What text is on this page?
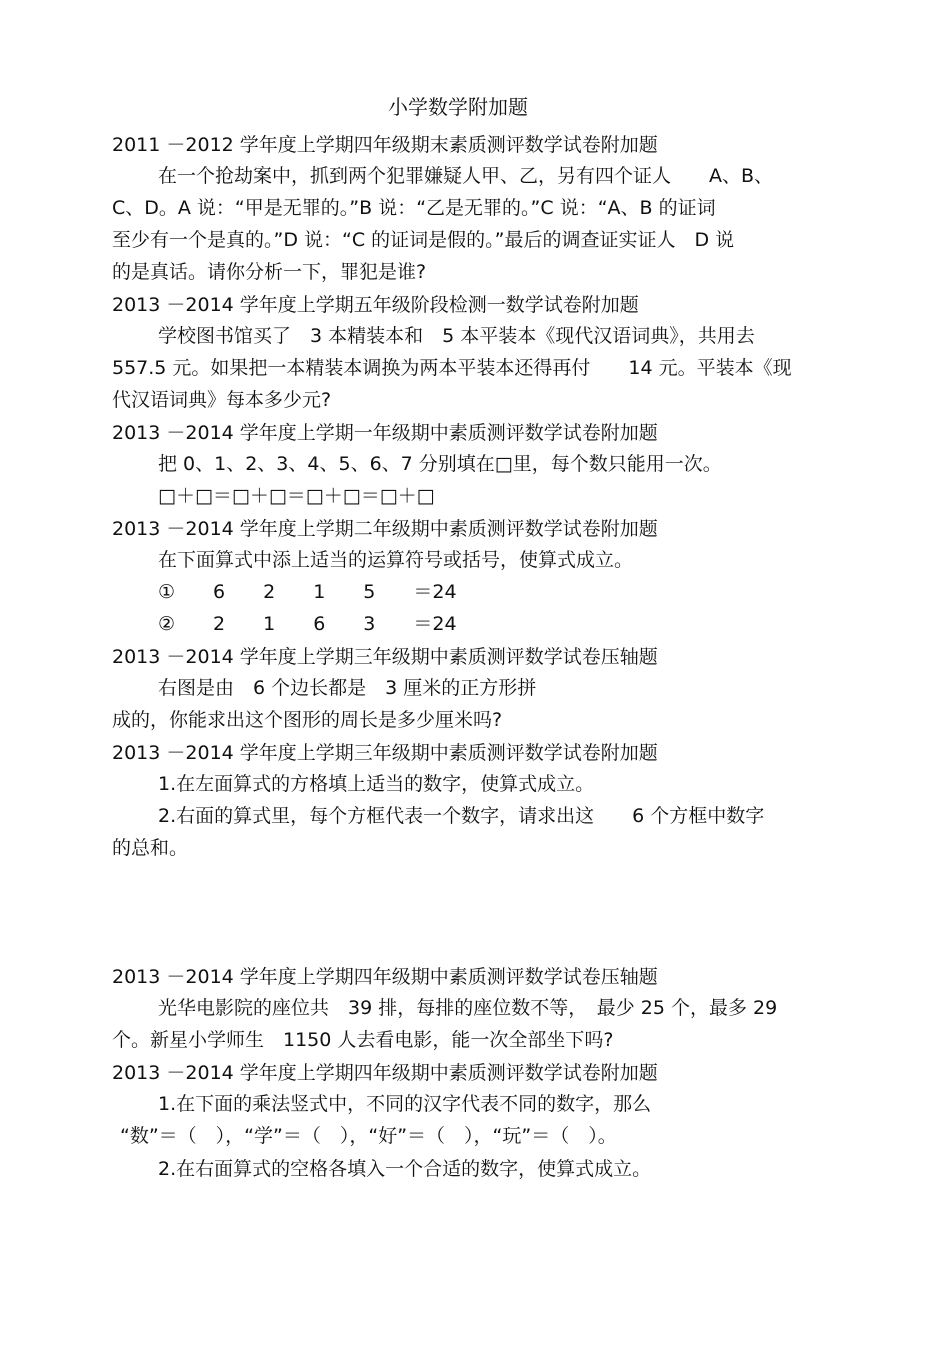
小学数学附加题
2011 －2012 学年度上学期四年级期末素质测评数学试卷附加题
在一个抢劫案中，抓到两个犯罪嫌疑人甲、乙，另有四个证人　　A、B、
C、D。A 说：“甲是无罪的。”B 说：“乙是无罪的。”C 说：“A、B 的证词
至少有一个是真的。”D 说：“C 的证词是假的。”最后的调查证实证人　D 说
的是真话。请你分析一下，罪犯是谁?
2013 －2014 学年度上学期五年级阶段检测一数学试卷附加题
学校图书馆买了　3 本精装本和　5 本平装本《现代汉语词典》，共用去
557.5 元。如果把一本精装本调换为两本平装本还得再付　　14 元。平装本《现
代汉语词典》每本多少元?
2013 －2014 学年度上学期一年级期中素质测评数学试卷附加题
把 0、1、2、3、4、5、6、7 分别填在□里，每个数只能用一次。
□＋□＝□＋□＝□＋□＝□＋□
2013 －2014 学年度上学期二年级期中素质测评数学试卷附加题
在下面算式中添上适当的运算符号或括号，使算式成立。
①　　6　　2　　1　　5　　＝24
②　　2　　1　　6　　3　　＝24
2013 －2014 学年度上学期三年级期中素质测评数学试卷压轴题
右图是由　6 个边长都是　3 厘米的正方形拼
成的，你能求出这个图形的周长是多少厘米吗?
2013 －2014 学年度上学期三年级期中素质测评数学试卷附加题
1.在左面算式的方格填上适当的数字，使算式成立。
2.右面的算式里，每个方框代表一个数字，请求出这　　6 个方框中数字
的总和。
2013 －2014 学年度上学期四年级期中素质测评数学试卷压轴题
光华电影院的座位共　39 排，每排的座位数不等，　最少 25 个，最多 29
个。新星小学师生　1150 人去看电影，能一次全部坐下吗?
2013 －2014 学年度上学期四年级期中素质测评数学试卷附加题
1.在下面的乘法竖式中，不同的汉字代表不同的数字，那么
“数”＝（　），“学”＝（　），“好”＝（　），“玩”＝（　）。
2.在右面算式的空格各填入一个合适的数字，使算式成立。
